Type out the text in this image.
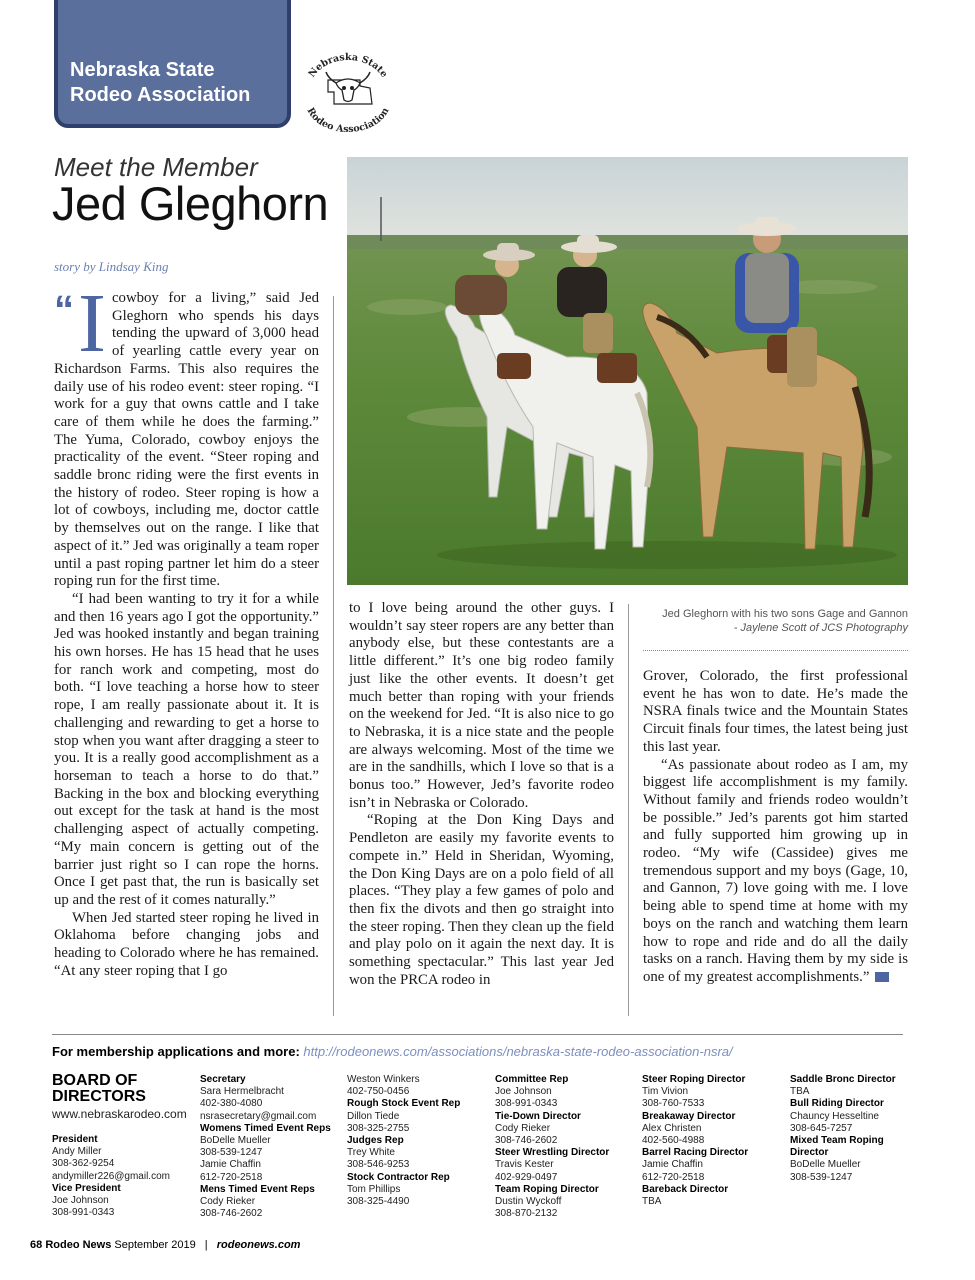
Nebraska State
Rodeo Association
Nebraska State
Rodeo Association
Meet the Member
Jed Gleghorn
story by Lindsay King
“ I cowboy for a living,” said Jed Gleghorn who spends his days tending the upward of 3,000 head of yearling cattle every year on Richardson Farms. This also requires the daily use of his rodeo event: steer roping. “I work for a guy that owns cattle and I take care of them while he does the farming.” The Yuma, Colorado, cowboy enjoys the practicality of the event. “Steer roping and saddle bronc riding were the first events in the history of rodeo. Steer roping is how a lot of cowboys, including me, doctor cattle by themselves out on the range. I like that aspect of it.” Jed was originally a team roper until a past roping partner let him do a steer roping run for the first time.

“I had been wanting to try it for a while and then 16 years ago I got the opportunity.” Jed was hooked instantly and began training his own horses. He has 15 head that he uses for ranch work and competing, most do both. “I love teaching a horse how to steer rope, I am really passionate about it. It is challenging and rewarding to get a horse to stop when you want after dragging a steer to you. It is a really good accomplishment as a horseman to teach a horse to do that.” Backing in the box and blocking everything out except for the task at hand is the most challenging aspect of actually competing. “My main concern is getting out of the barrier just right so I can rope the horns. Once I get past that, the run is basically set up and the rest of it comes naturally.”

When Jed started steer roping he lived in Oklahoma before changing jobs and heading to Colorado where he has remained. “At any steer roping that I go

to I love being around the other guys. I wouldn’t say steer ropers are any better than anybody else, but these contestants are a little different.” It’s one big rodeo family just like the other events. It doesn’t get much better than roping with your friends on the weekend for Jed. “It is also nice to go to Nebraska, it is a nice state and the people are always welcoming. Most of the time we are in the sandhills, which I love so that is a bonus too.” However, Jed’s favorite rodeo isn’t in Nebraska or Colorado.

“Roping at the Don King Days and Pendleton are easily my favorite events to compete in.” Held in Sheridan, Wyoming, the Don King Days are on a polo field of all places. “They play a few games of polo and then fix the divots and then go straight into the steer roping. Then they clean up the field and play polo on it again the next day. It is something spectacular.” This last year Jed won the PRCA rodeo in

Jed Gleghorn with his two sons Gage and Gannon
- Jaylene Scott of JCS Photography

Grover, Colorado, the first professional event he has won to date. He’s made the NSRA finals twice and the Mountain States Circuit finals four times, the latest being just this last year.

“As passionate about rodeo as I am, my biggest life accomplishment is my family. Without family and friends rodeo wouldn’t be possible.” Jed’s parents got him started and fully supported him growing up in rodeo. “My wife (Cassidee) gives me tremendous support and my boys (Gage, 10, and Gannon, 7) love going with me. I love being able to spend time at home with my boys on the ranch and watching them learn how to rope and ride and do all the daily tasks on a ranch. Having them by my side is one of my greatest accomplishments.”

For membership applications and more: http://rodeonews.com/associations/nebraska-state-rodeo-association-nsra/
BOARD OF
DIRECTORS
www.nebraskarodeo.com
President
Andy Miller
308-362-9254
andymiller226@gmail.com
Vice President
Joe Johnson
308-991-0343
Secretary
Sara Hermelbracht
402-380-4080
nsrasecretary@gmail.com
Womens Timed Event Reps
BoDelle Mueller
308-539-1247
Jamie Chaffin
612-720-2518
Mens Timed Event Reps
Cody Rieker
308-746-2602
Weston Winkers
402-750-0456
Rough Stock Event Rep
Dillon Tiede
308-325-2755
Judges Rep
Trey White
308-546-9253
Stock Contractor Rep
Tom Phillips
308-325-4490
Committee Rep
Joe Johnson
308-991-0343
Tie-Down Director
Cody Rieker
308-746-2602
Steer Wrestling Director
Travis Kester
402-929-0497
Team Roping Director
Dustin Wyckoff
308-870-2132
Steer Roping Director
Tim Vivion
308-760-7533
Breakaway Director
Alex Christen
402-560-4988
Barrel Racing Director
Jamie Chaffin
612-720-2518
Bareback Director
TBA
Saddle Bronc Director
TBA
Bull Riding Director
Chauncy Hesseltine
308-645-7257
Mixed Team Roping Director
BoDelle Mueller
308-539-1247
68 Rodeo News September 2019 | rodeonews.com
